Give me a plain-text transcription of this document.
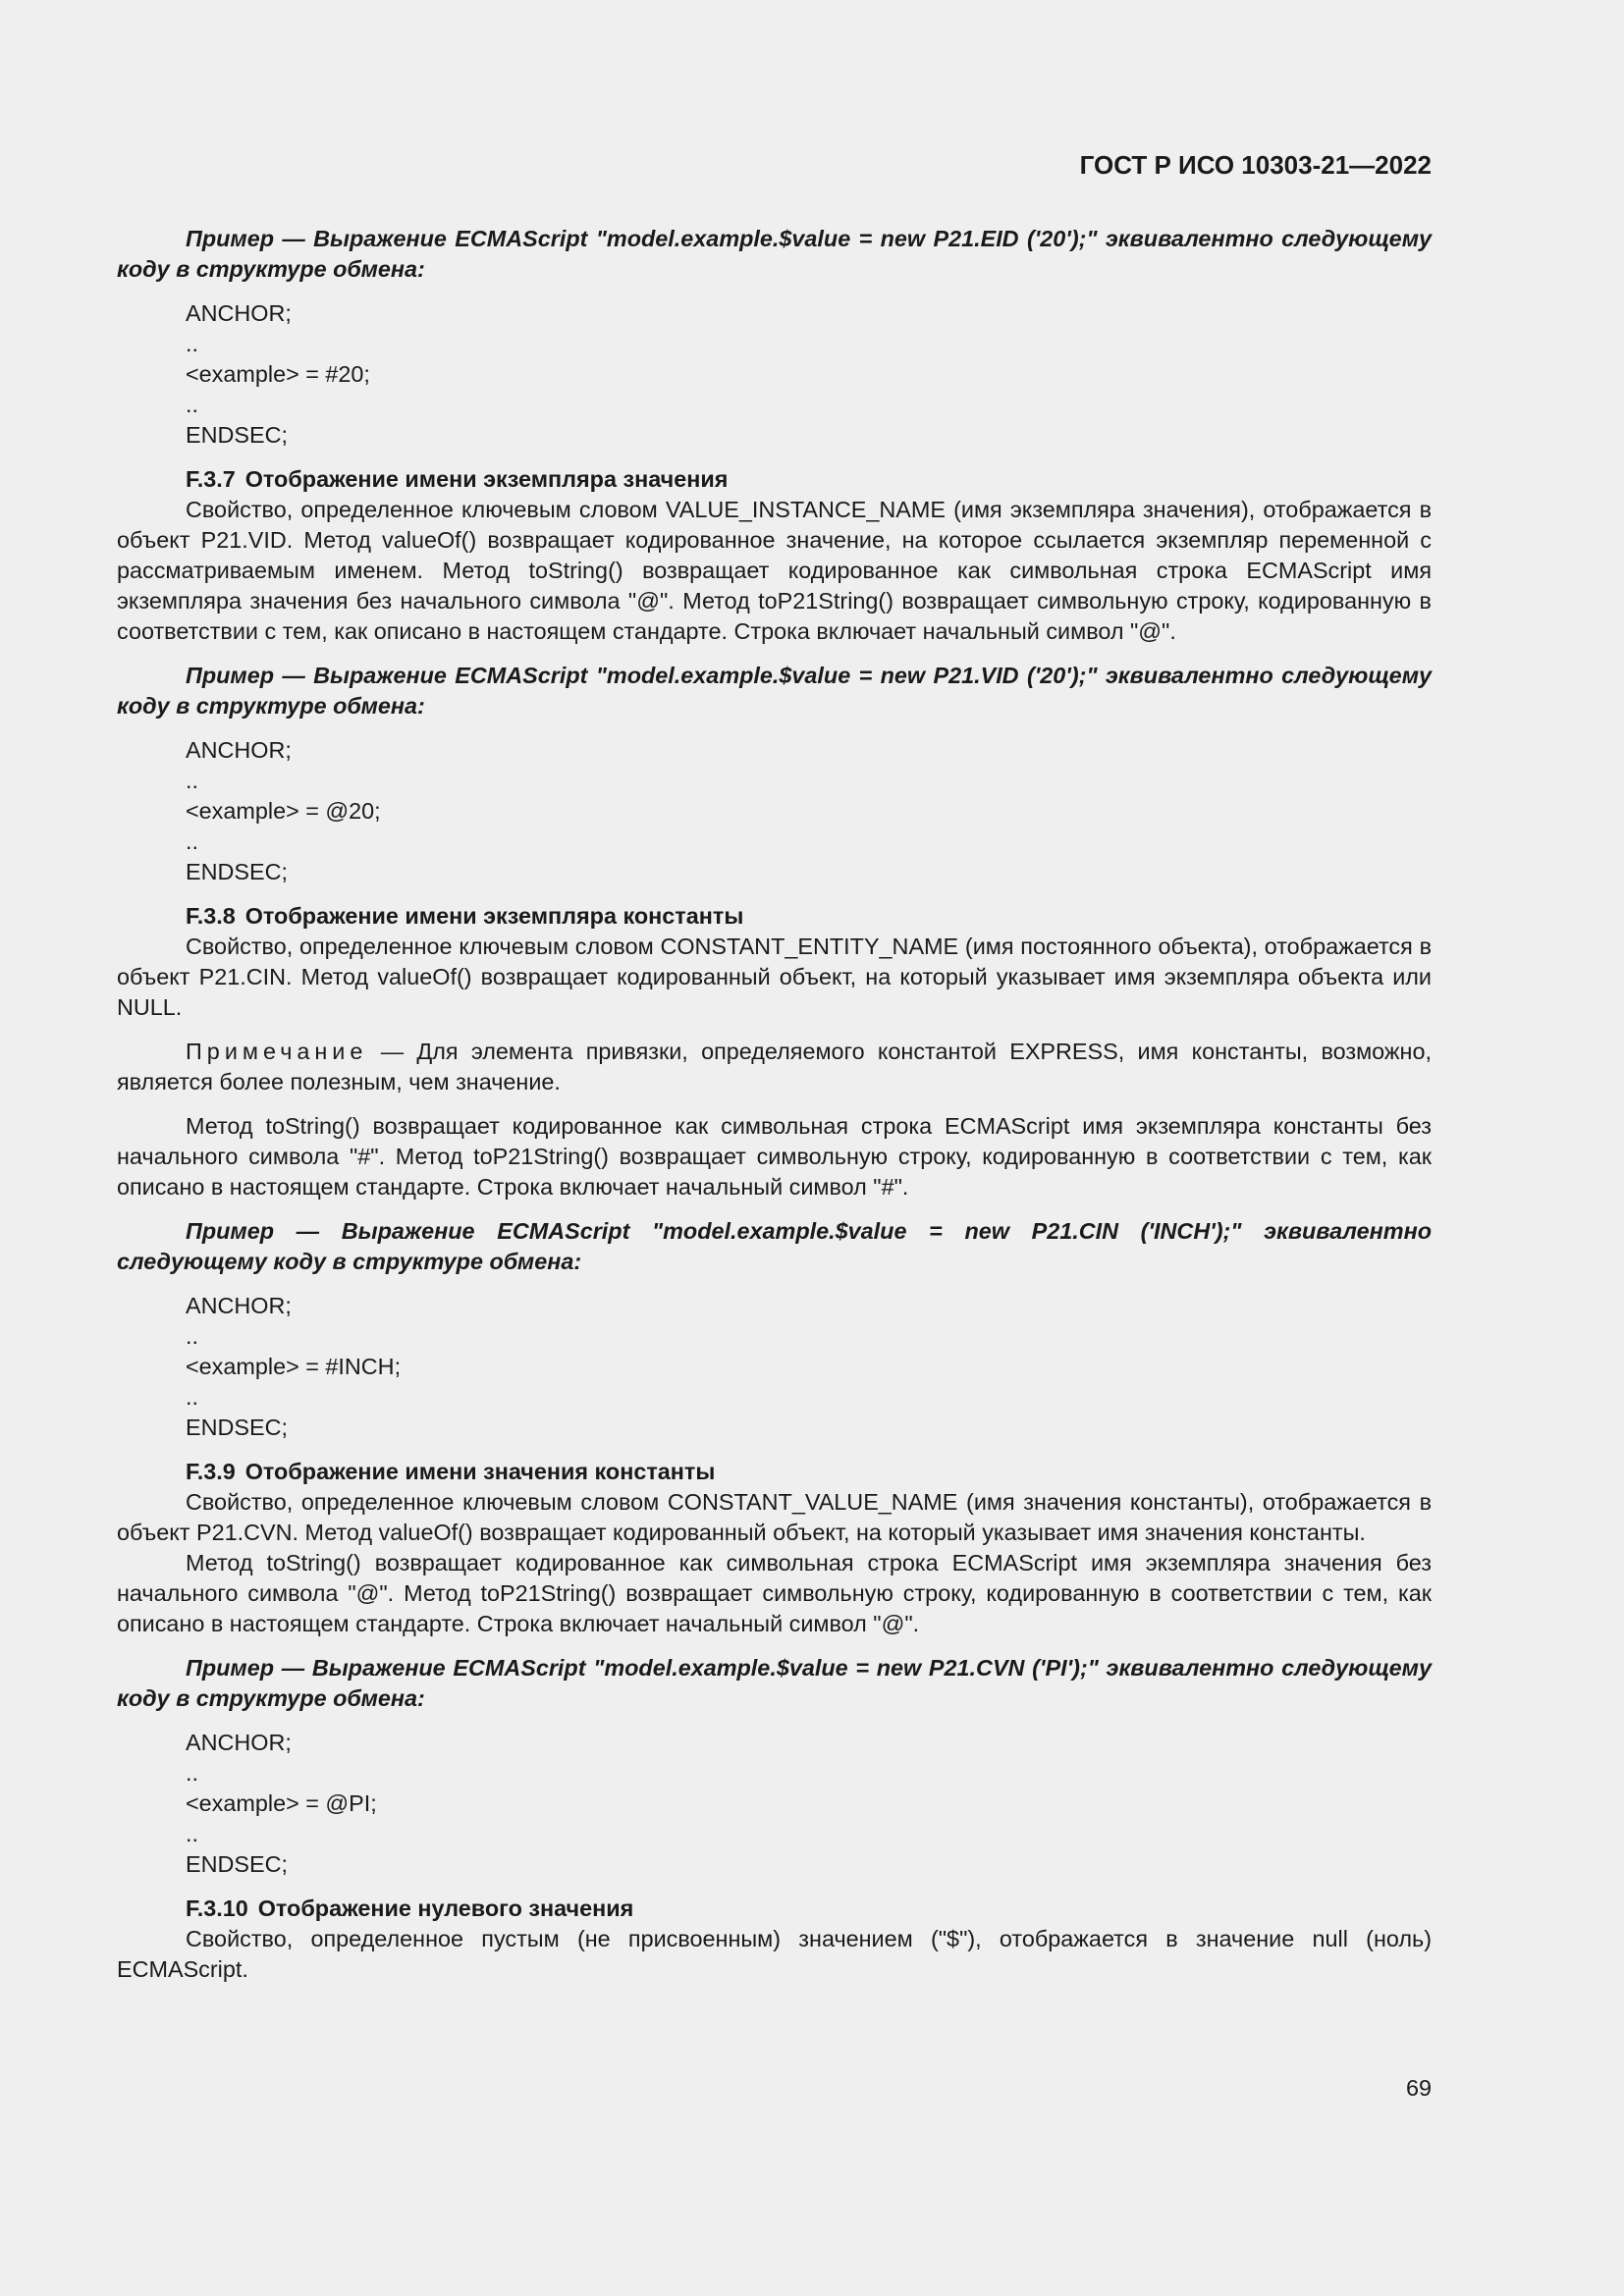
ГОСТ Р ИСО 10303-21—2022

Пример — Выражение ECMAScript "model.example.$value = new P21.EID ('20');" эквивалентно следующему коду в структуре обмена:

ANCHOR;
..
<example> = #20;
..
ENDSEC;
F.3.7 Отображение имени экземпляра значения

Свойство, определенное ключевым словом VALUE_INSTANCE_NAME (имя экземпляра значения), отображается в объект P21.VID. Метод valueOf() возвращает кодированное значение, на которое ссылается экземпляр переменной с рассматриваемым именем. Метод toString() возвращает кодированное как символьная строка ECMAScript имя экземпляра значения без начального символа "@". Метод toP21String() возвращает символьную строку, кодированную в соответствии с тем, как описано в настоящем стандарте. Строка включает начальный символ "@".

Пример — Выражение ECMAScript "model.example.$value = new P21.VID ('20');" эквивалентно следующему коду в структуре обмена:

ANCHOR;
..
<example> = @20;
..
ENDSEC;
F.3.8 Отображение имени экземпляра константы

Свойство, определенное ключевым словом CONSTANT_ENTITY_NAME (имя постоянного объекта), отображается в объект P21.CIN. Метод valueOf() возвращает кодированный объект, на который указывает имя экземпляра объекта или NULL.

Примечание — Для элемента привязки, определяемого константой EXPRESS, имя константы, возможно, является более полезным, чем значение.

Метод toString() возвращает кодированное как символьная строка ECMAScript имя экземпляра константы без начального символа "#". Метод toP21String() возвращает символьную строку, кодированную в соответствии с тем, как описано в настоящем стандарте. Строка включает начальный символ "#".

Пример — Выражение ECMAScript "model.example.$value = new P21.CIN ('INCH');" эквивалентно следующему коду в структуре обмена:

ANCHOR;
..
<example> = #INCH;
..
ENDSEC;
F.3.9 Отображение имени значения константы

Свойство, определенное ключевым словом CONSTANT_VALUE_NAME (имя значения константы), отображается в объект P21.CVN. Метод valueOf() возвращает кодированный объект, на который указывает имя значения константы.

Метод toString() возвращает кодированное как символьная строка ECMAScript имя экземпляра значения без начального символа "@". Метод toP21String() возвращает символьную строку, кодированную в соответствии с тем, как описано в настоящем стандарте. Строка включает начальный символ "@".

Пример — Выражение ECMAScript "model.example.$value = new P21.CVN ('PI');" эквивалентно следующему коду в структуре обмена:

ANCHOR;
..
<example> = @PI;
..
ENDSEC;
F.3.10 Отображение нулевого значения

Свойство, определенное пустым (не присвоенным) значением ("$"), отображается в значение null (ноль) ECMAScript.

69
